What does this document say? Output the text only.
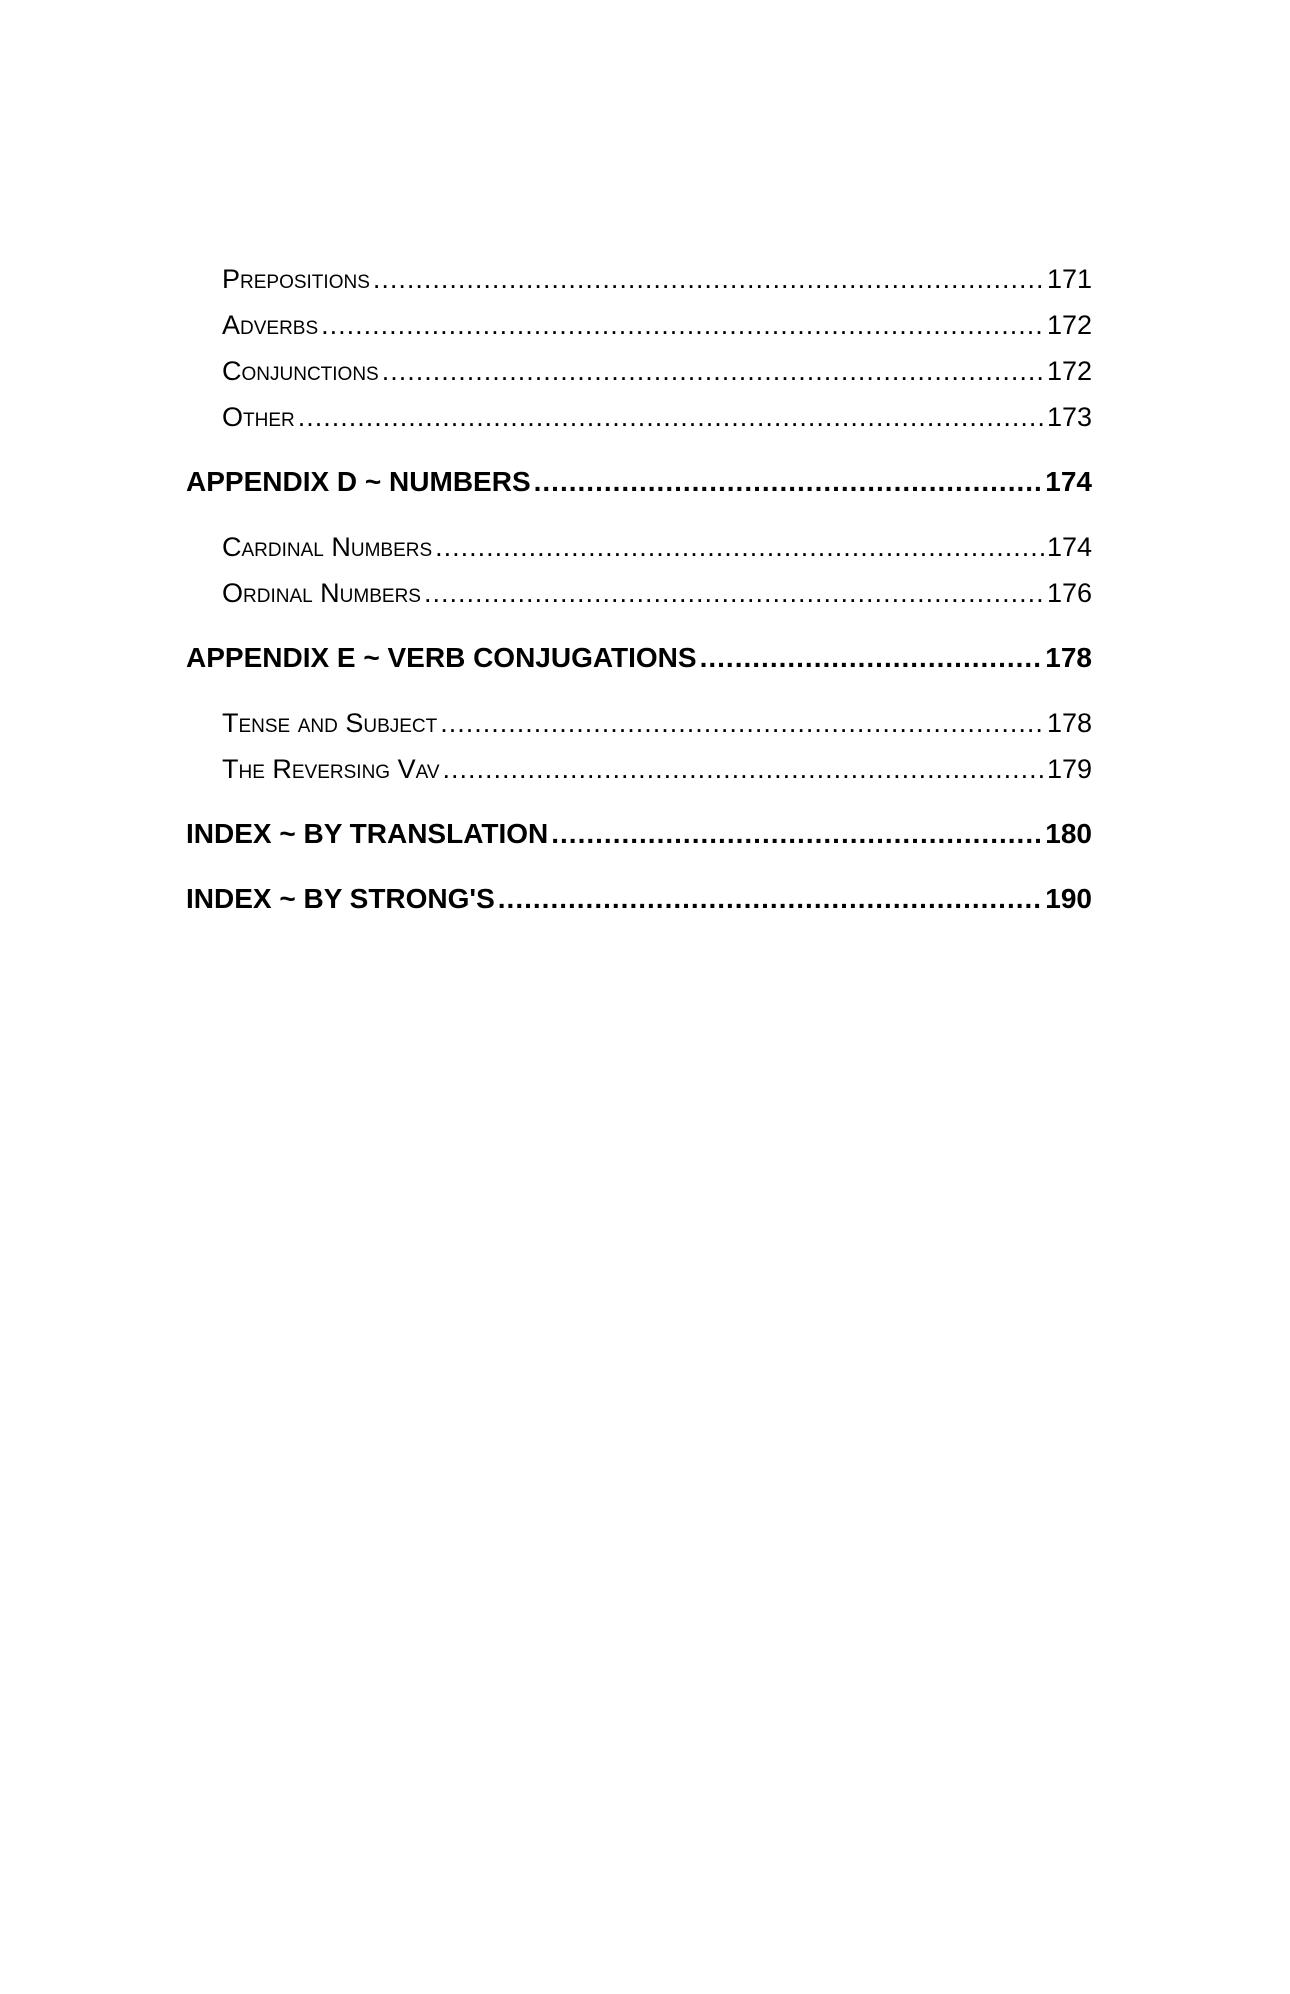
Prepositions .....	171
Adverbs .....	172
Conjunctions .....	172
Other .....	173
APPENDIX D ~ NUMBERS .....	174
Cardinal Numbers .....	174
Ordinal Numbers .....	176
APPENDIX E ~ VERB CONJUGATIONS .....	178
Tense and Subject .....	178
The Reversing Vav .....	179
INDEX ~ BY TRANSLATION .....	180
INDEX ~ BY STRONG'S .....	190
